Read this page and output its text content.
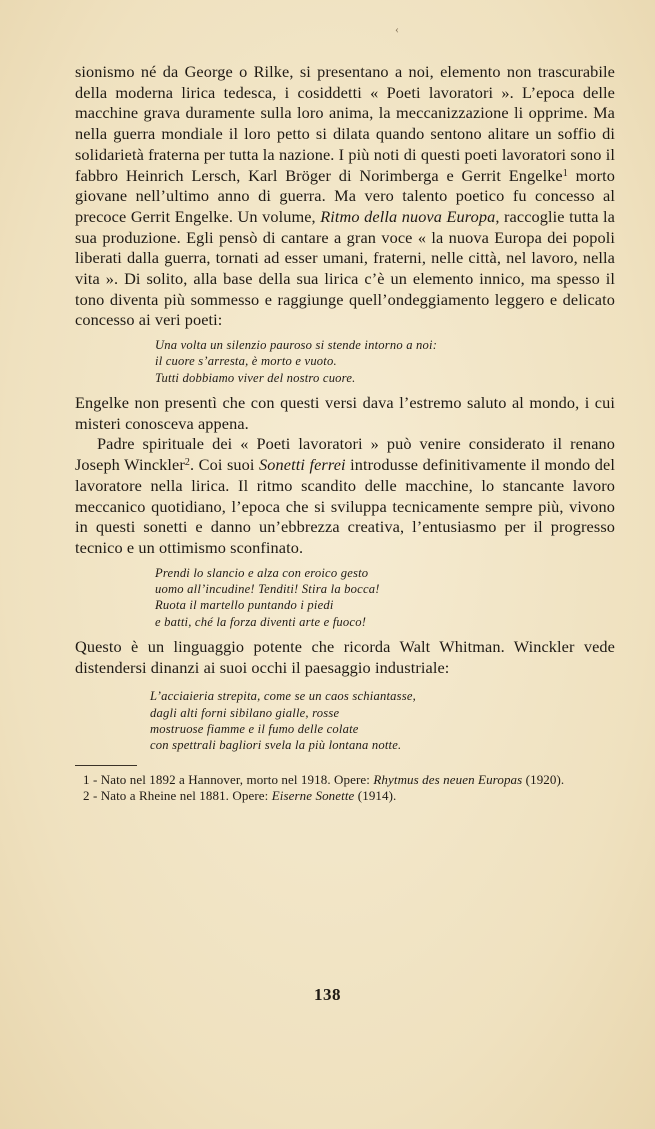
‹

sionismo né da George o Rilke, si presentano a noi, elemento non trascurabile della moderna lirica tedesca, i cosiddetti « Poeti lavoratori ». L’epoca delle macchine grava duramente sulla loro anima, la meccanizzazione li opprime. Ma nella guerra mondiale il loro petto si dilata quando sentono alitare un soffio di solidarietà fraterna per tutta la nazione. I più noti di questi poeti lavoratori sono il fabbro Heinrich Lersch, Karl Bröger di Norimberga e Gerrit Engelke$^1$ morto giovane nell’ultimo anno di guerra. Ma vero talento poetico fu concesso al precoce Gerrit Engelke. Un volume, Ritmo della nuova Europa, raccoglie tutta la sua produzione. Egli pensò di cantare a gran voce « la nuova Europa dei popoli liberati dalla guerra, tornati ad esser umani, fraterni, nelle città, nel lavoro, nella vita ». Di solito, alla base della sua lirica c’è un elemento innico, ma spesso il tono diventa più sommesso e raggiunge quell’ondeggiamento leggero e delicato concesso ai veri poeti:

Una volta un silenzio pauroso si stende intorno a noi:
il cuore s’arresta, è morto e vuoto.
Tutti dobbiamo viver del nostro cuore.

Engelke non presentì che con questi versi dava l’estremo saluto al mondo, i cui misteri conosceva appena.

Padre spirituale dei « Poeti lavoratori » può venire considerato il renano Joseph Winckler$^2$. Coi suoi Sonetti ferrei introdusse definitivamente il mondo del lavoratore nella lirica. Il ritmo scandito delle macchine, lo stancante lavoro meccanico quotidiano, l’epoca che si sviluppa tecnicamente sempre più, vivono in questi sonetti e danno un’ebbrezza creativa, l’entusiasmo per il progresso tecnico e un ottimismo sconfinato.

Prendi lo slancio e alza con eroico gesto
uomo all’incudine! Tenditi! Stira la bocca!
Ruota il martello puntando i piedi
e batti, ché la forza diventi arte e fuoco!

Questo è un linguaggio potente che ricorda Walt Whitman. Winckler vede distendersi dinanzi ai suoi occhi il paesaggio industriale:

L’acciaieria strepita, come se un caos schiantasse,
dagli alti forni sibilano gialle, rosse
mostruose fiamme e il fumo delle colate
con spettrali bagliori svela la più lontana notte.

1 - Nato nel 1892 a Hannover, morto nel 1918. Opere: Rhytmus des neuen Europas (1920).

2 - Nato a Rheine nel 1881. Opere: Eiserne Sonette (1914).

138
